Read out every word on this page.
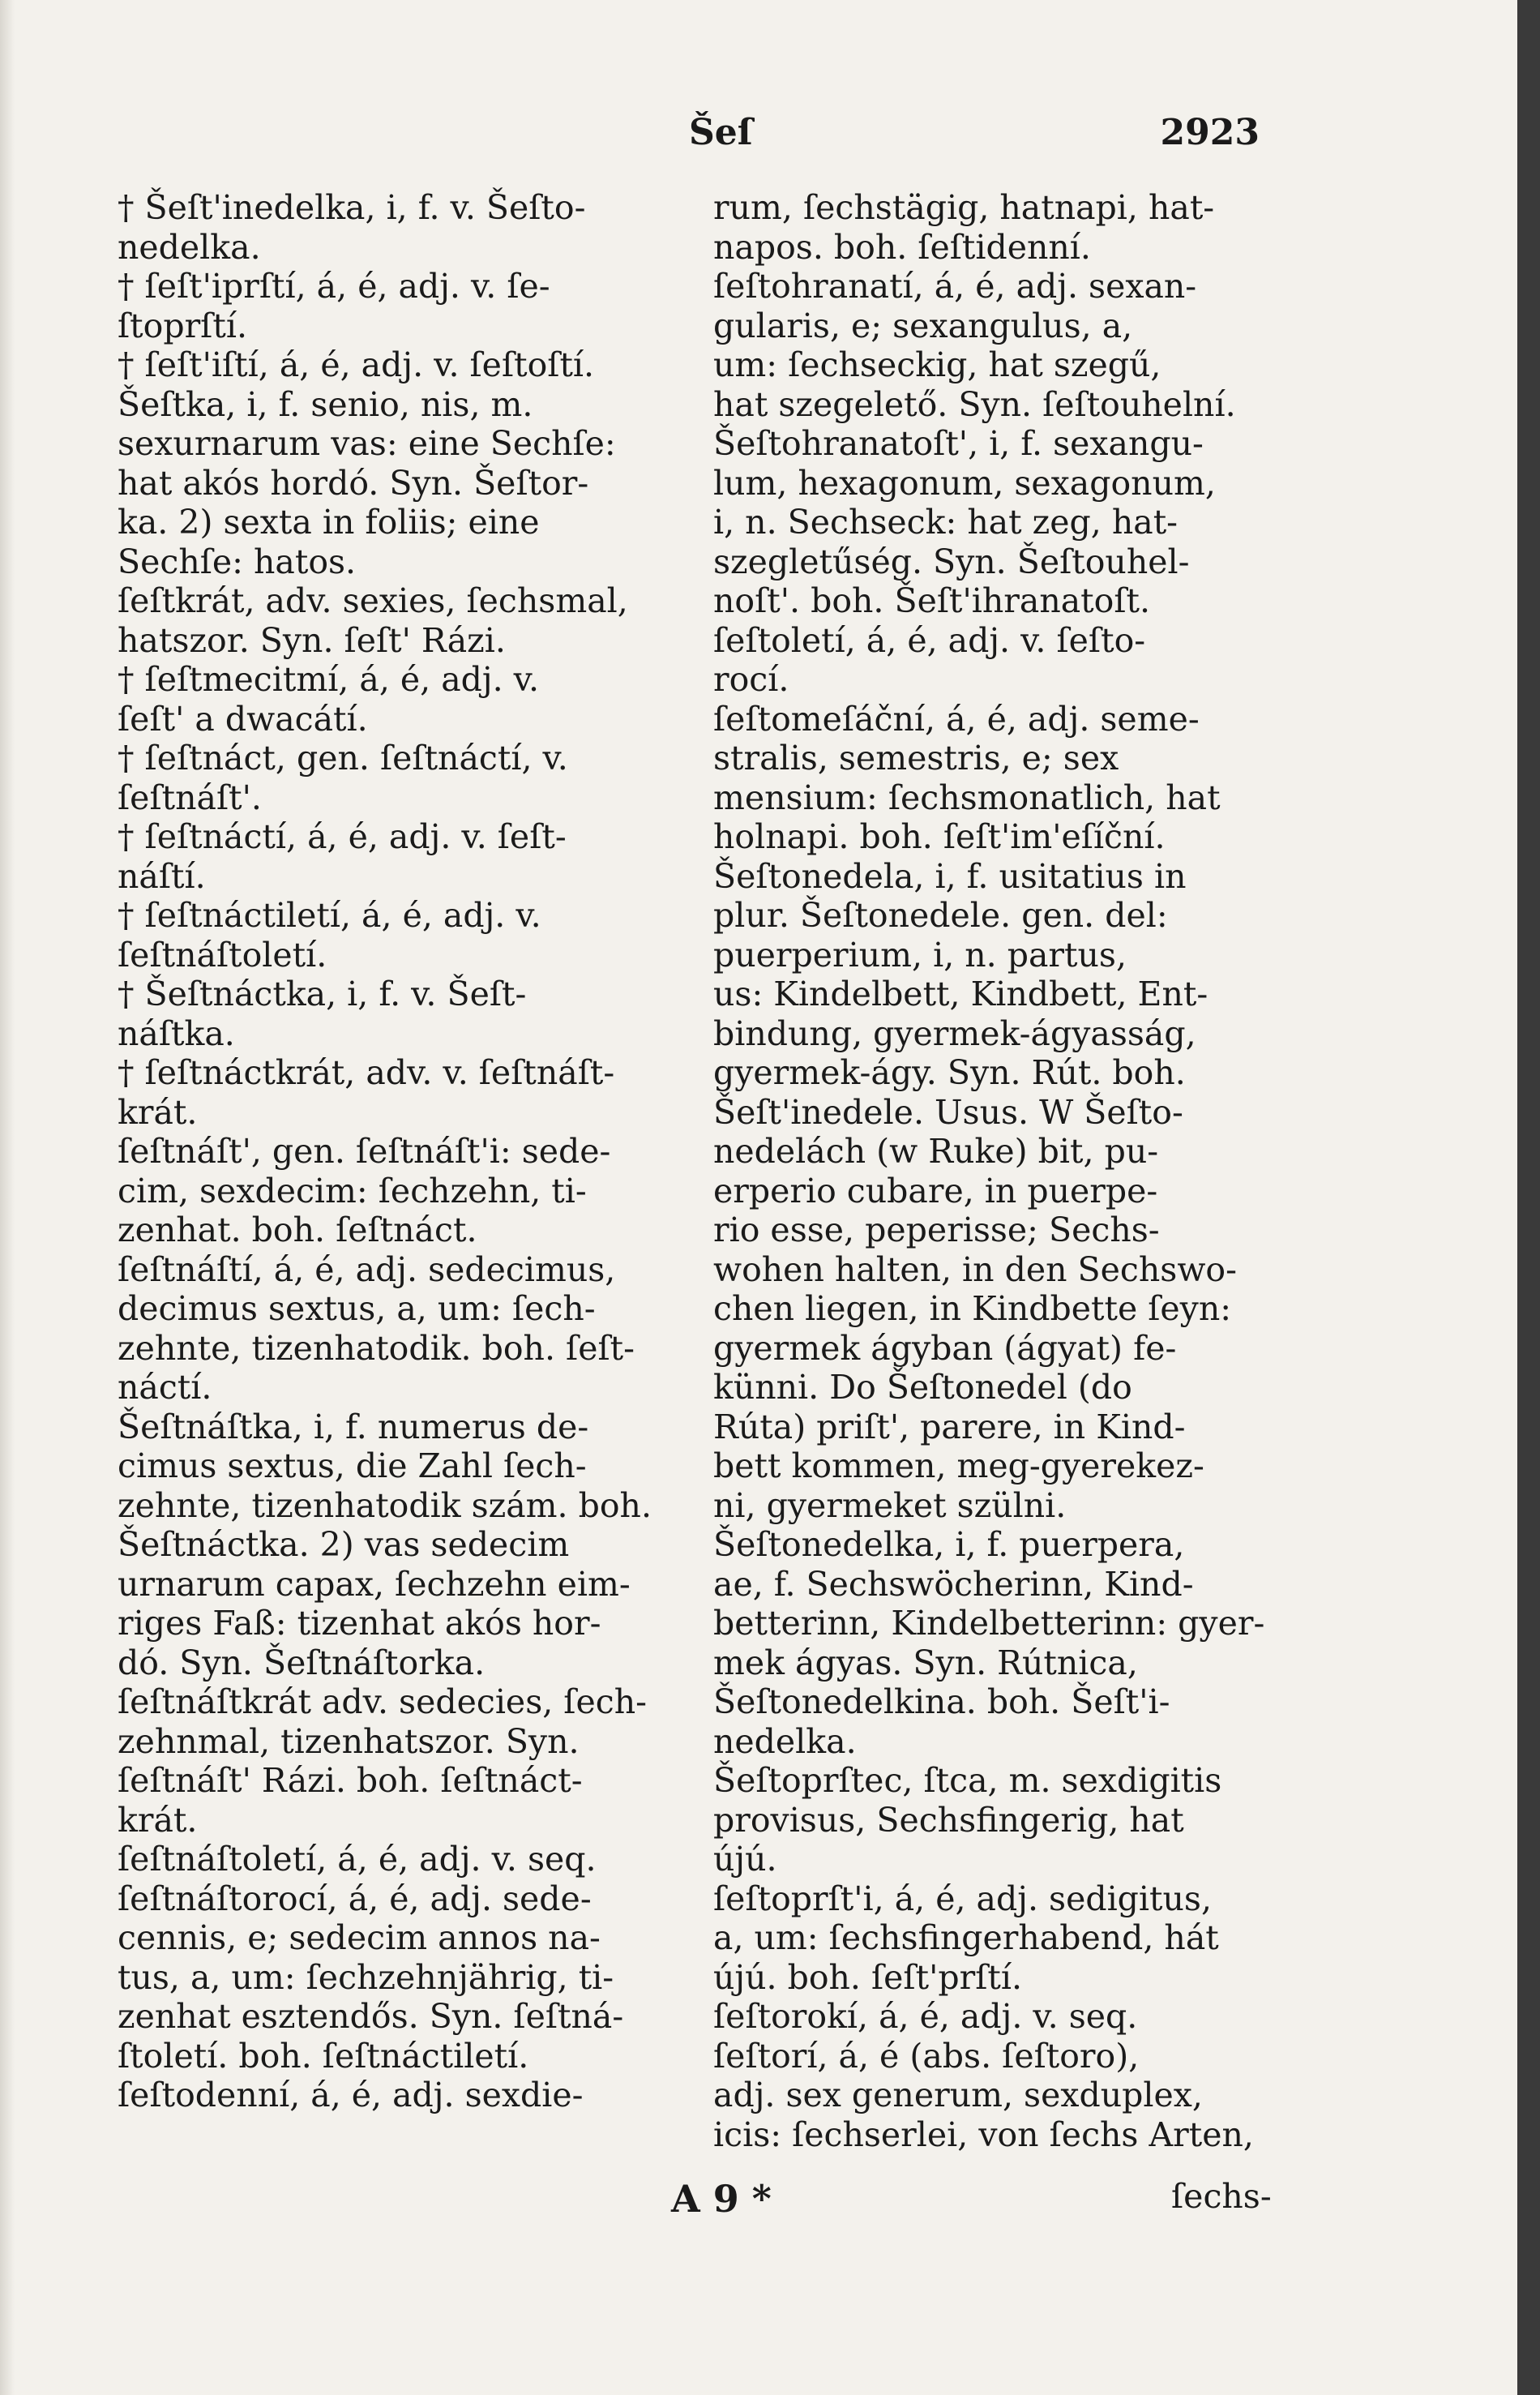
Šeſ	2923
† Šeſt'inedelka, i, f. v. Šeſto-
nedelka.
† ſeſt'iprſtí, á, é, adj. v. ſe-
ſtoprſtí.
† ſeſt'iſtí, á, é, adj. v. ſeſtoſtí.
Šeſtka, i, f. senio, nis, m.
sexurnarum vas: eine Sechſe:
hat akós hordó. Syn. Šeſtor-
ka. 2) sexta in foliis; eine
Sechſe: hatos.
ſeſtkrát, adv. sexies, ſechsmal,
hatszor. Syn. ſeſt' Rázi.
† ſeſtmecitmí, á, é, adj. v.
ſeſt' a dwacátí.
† ſeſtnáct, gen. ſeſtnáctí, v.
ſeſtnáſt'.
† ſeſtnáctí, á, é, adj. v. ſeſt-
náſtí.
† ſeſtnáctiletí, á, é, adj. v.
ſeſtnáſtoletí.
† Šeſtnáctka, i, f. v. Šeſt-
náſtka.
† ſeſtnáctkrát, adv. v. ſeſtnáſt-
krát.
ſeſtnáſt', gen. ſeſtnáſt'i: sede-
cim, sexdecim: ſechzehn, ti-
zenhat. boh. ſeſtnáct.
ſeſtnáſtí, á, é, adj. sedecimus,
decimus sextus, a, um: ſech-
zehnte, tizenhatodik. boh. ſeſt-
náctí.
Šeſtnáſtka, i, f. numerus de-
cimus sextus, die Zahl ſech-
zehnte, tizenhatodik szám. boh.
Šeſtnáctka. 2) vas sedecim
urnarum capax, ſechzehn eim-
riges Faß: tizenhat akós hor-
dó. Syn. Šeſtnáſtorka.
ſeſtnáſtkrát adv. sedecies, ſech-
zehnmal, tizenhatszor. Syn.
ſeſtnáſt' Rázi. boh. ſeſtnáct-
krát.
ſeſtnáſtoletí, á, é, adj. v. seq.
ſeſtnáſtorocí, á, é, adj. sede-
cennis, e; sedecim annos na-
tus, a, um: ſechzehnjährig, ti-
zenhat esztendős. Syn. ſeſtná-
ſtoletí. boh. ſeſtnáctiletí.
ſeſtodenní, á, é, adj. sexdie-
rum, ſechstägig, hatnapi, hat-
napos. boh. ſeſtidenní.
ſeſtohranatí, á, é, adj. sexan-
gularis, e; sexangulus, a,
um: ſechseckig, hat szegű,
hat szegelető. Syn. ſeſtouhelní.
Šeſtohranatoſt', i, f. sexangu-
lum, hexagonum, sexagonum,
i, n. Sechseck: hat zeg, hat-
szegletűség. Syn. Šeſtouhel-
noſt'. boh. Šeſt'ihranatoſt.
ſeſtoletí, á, é, adj. v. ſeſto-
rocí.
ſeſtomeſáční, á, é, adj. seme-
stralis, semestris, e; sex
mensium: ſechsmonatlich, hat
holnapi. boh. ſeſt'im'eſíční.
Šeſtonedela, i, f. usitatius in
plur. Šeſtonedele. gen. del:
puerperium, i, n. partus,
us: Kindelbett, Kindbett, Ent-
bindung, gyermek-ágyasság,
gyermek-ágy. Syn. Rút. boh.
Šeſt'inedele. Usus. W Šeſto-
nedelách (w Ruke) bit, pu-
erperio cubare, in puerpe-
rio esse, peperisse; Sechs-
wohen halten, in den Sechswo-
chen liegen, in Kindbette ſeyn:
gyermek ágyban (ágyat) fe-
künni. Do Šeſtonedel (do
Rúta) priſt', parere, in Kind-
bett kommen, meg-gyerekez-
ni, gyermeket szülni.
Šeſtonedelka, i, f. puerpera,
ae, f. Sechswöcherinn, Kind-
betterinn, Kindelbetterinn: gyer-
mek ágyas. Syn. Rútnica,
Šeſtonedelkina. boh. Šeſt'i-
nedelka.
Šeſtoprſtec, ſtca, m. sexdigitis
provisus, Sechsfingerig, hat
újú.
ſeſtoprſt'i, á, é, adj. sedigitus,
a, um: ſechsfingerhabend, hát
újú. boh. ſeſt'prſtí.
ſeſtorokí, á, é, adj. v. seq.
ſeſtorí, á, é (abs. ſeſtoro),
adj. sex generum, sexduplex,
icis: ſechserlei, von ſechs Arten,
A 9 *	ſechs-
